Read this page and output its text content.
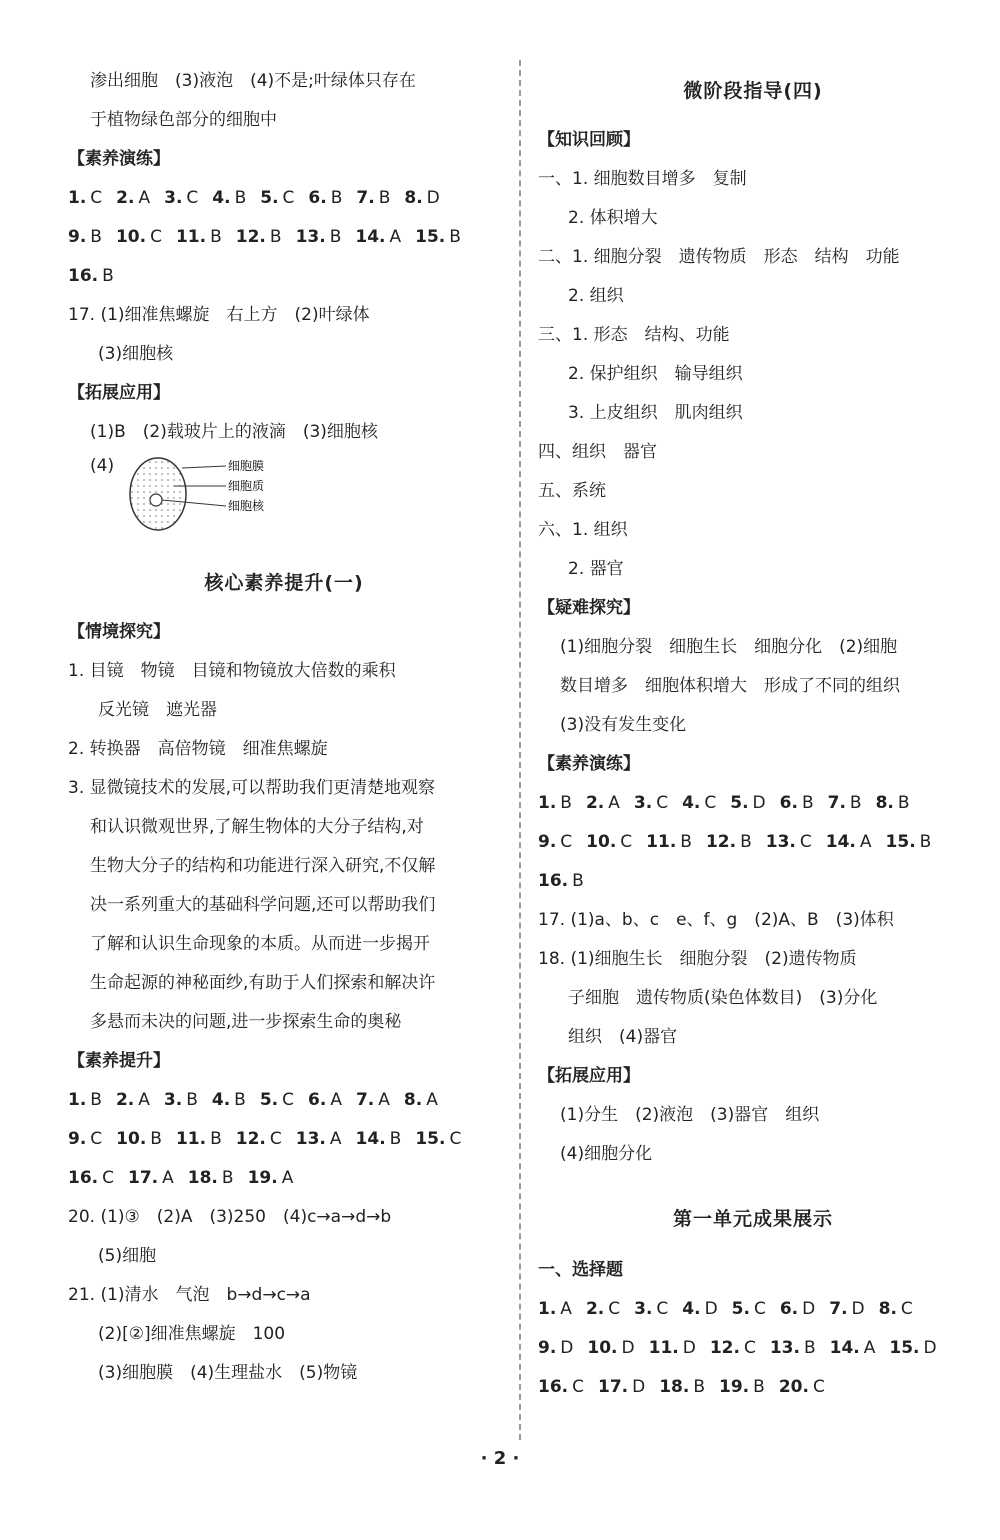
渗出细胞　(3)液泡　(4)不是;叶绿体只存在
于植物绿色部分的细胞中
【素养演练】
1. C 2. A 3. C 4. B 5. C 6. B 7. B 8. D
9. B 10. C 11. B 12. B 13. B 14. A 15. B
16. B
17. (1)细准焦螺旋　右上方　(2)叶绿体
(3)细胞核
【拓展应用】
(1)B　(2)载玻片上的液滴　(3)细胞核
(4)	细胞膜
细胞质
细胞核
核心素养提升(一)
【情境探究】
1. 目镜　物镜　目镜和物镜放大倍数的乘积
反光镜　遮光器
2. 转换器　高倍物镜　细准焦螺旋
3. 显微镜技术的发展,可以帮助我们更清楚地观察
和认识微观世界,了解生物体的大分子结构,对
生物大分子的结构和功能进行深入研究,不仅解
决一系列重大的基础科学问题,还可以帮助我们
了解和认识生命现象的本质。从而进一步揭开
生命起源的神秘面纱,有助于人们探索和解决许
多悬而未决的问题,进一步探索生命的奥秘
【素养提升】
1. B 2. A 3. B 4. B 5. C 6. A 7. A 8. A
9. C 10. B 11. B 12. C 13. A 14. B 15. C
16. C 17. A 18. B 19. A
20. (1)③　(2)A　(3)250　(4)c→a→d→b
(5)细胞
21. (1)清水　气泡　b→d→c→a
(2)[②]细准焦螺旋　100
(3)细胞膜　(4)生理盐水　(5)物镜
微阶段指导(四)
【知识回顾】
一、1. 细胞数目增多　复制
2. 体积增大
二、1. 细胞分裂　遗传物质　形态　结构　功能
2. 组织
三、1. 形态　结构、功能
2. 保护组织　输导组织
3. 上皮组织　肌肉组织
四、组织　器官
五、系统
六、1. 组织
2. 器官
【疑难探究】
(1)细胞分裂　细胞生长　细胞分化　(2)细胞
数目增多　细胞体积增大　形成了不同的组织
(3)没有发生变化
【素养演练】
1. B 2. A 3. C 4. C 5. D 6. B 7. B 8. B
9. C 10. C 11. B 12. B 13. C 14. A 15. B
16. B
17. (1)a、b、c　e、f、g　(2)A、B　(3)体积
18. (1)细胞生长　细胞分裂　(2)遗传物质
子细胞　遗传物质(染色体数目)　(3)分化
组织　(4)器官
【拓展应用】
(1)分生　(2)液泡　(3)器官　组织
(4)细胞分化
第一单元成果展示
一、选择题
1. A 2. C 3. C 4. D 5. C 6. D 7. D 8. C
9. D 10. D 11. D 12. C 13. B 14. A 15. D
16. C 17. D 18. B 19. B 20. C
· 2 ·
